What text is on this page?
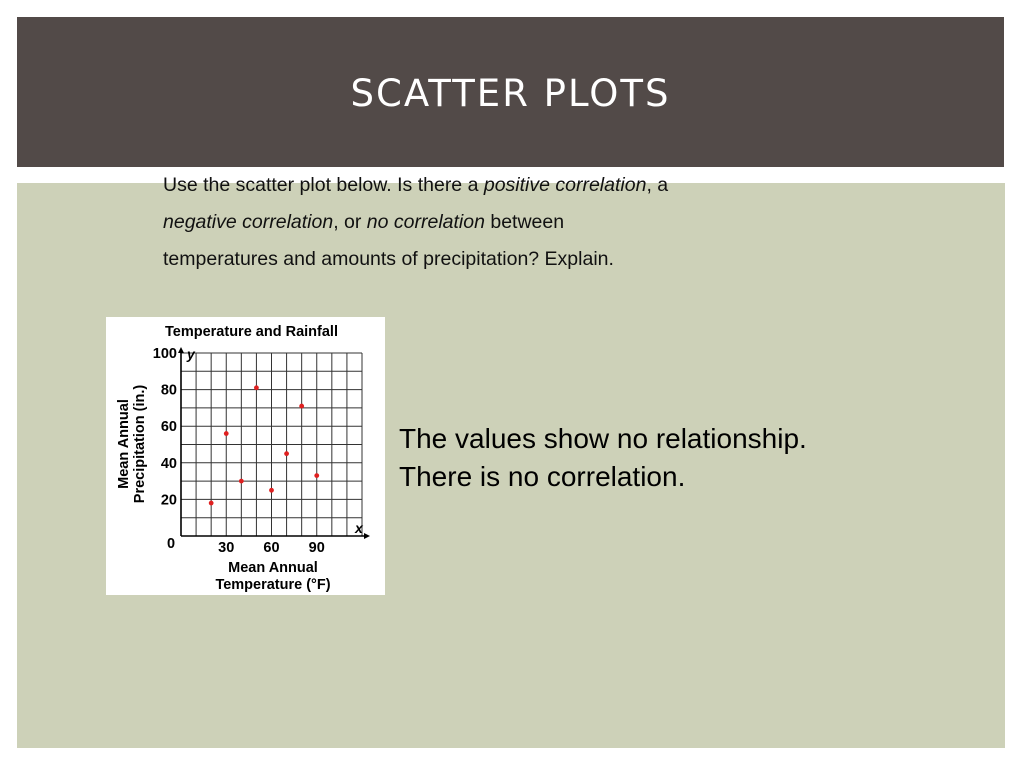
SCATTER PLOTS

Use the scatter plot below. Is there a positive correlation, a

negative correlation, or no correlation between

temperatures and amounts of precipitation? Explain.

Temperature and Rainfall
20
40
60
80
100
0	30 60 90
y
x
Mean Annual
Temperature (°F)
Mean Annual Precipitation (in.)	The values show no relationship.

There is no correlation.
